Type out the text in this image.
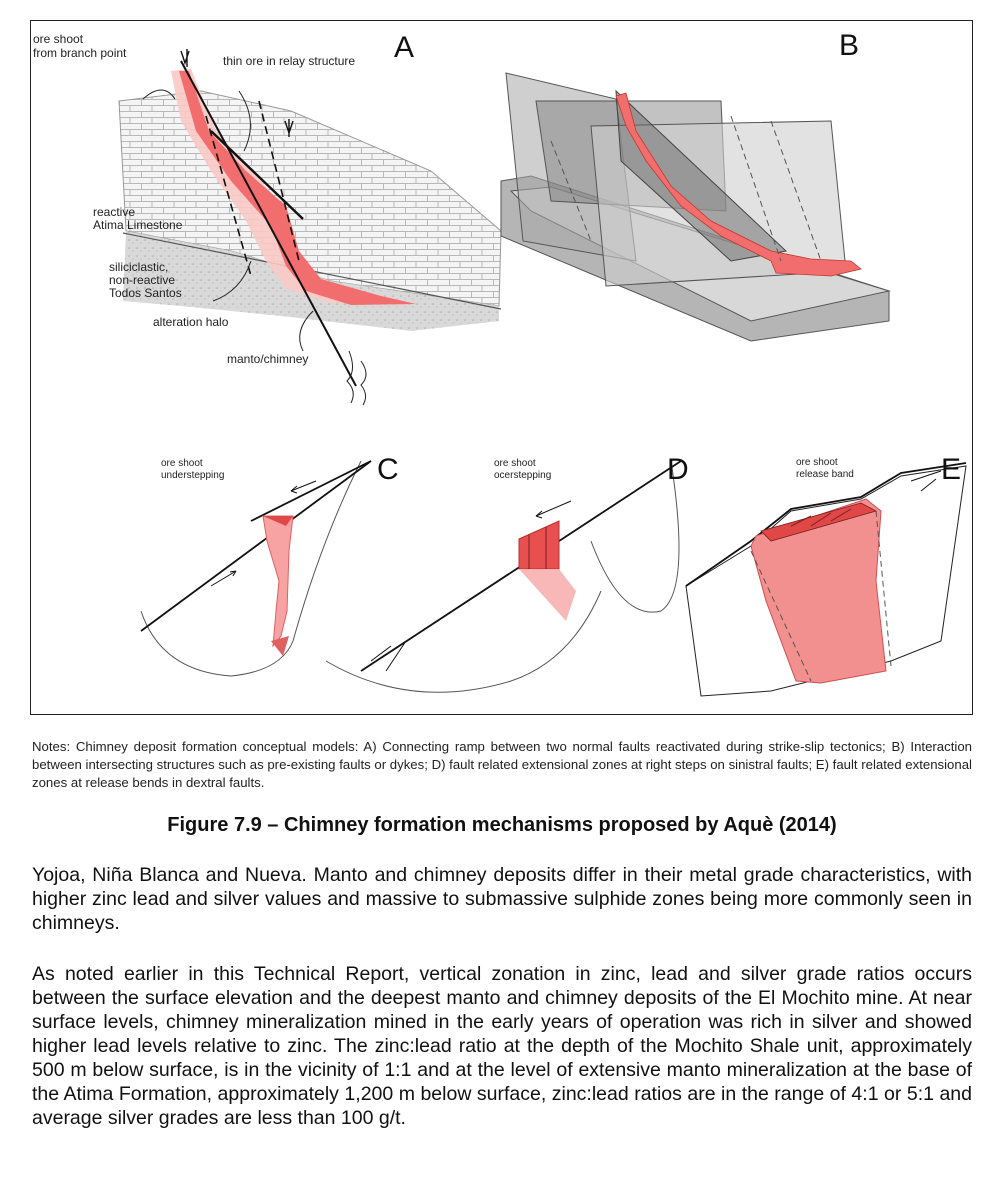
ore shoot
from branch point
thin ore in relay structure
reactive
Atima Limestone
siliciclastic,
non-reactive
Todos Santos
alteration halo
manto/chimney
A	B
ore shoot
understepping	C	ore shoot
ocerstepping	D	ore shoot
release band	E
Notes: Chimney deposit formation conceptual models: A) Connecting ramp between two normal faults reactivated during strike-slip tectonics; B) Interaction between intersecting structures such as pre-existing faults or dykes; D) fault related extensional zones at right steps on sinistral faults; E) fault related extensional zones at release bends in dextral faults.
Figure 7.9 – Chimney formation mechanisms proposed by Aquè (2014)

Yojoa, Niña Blanca and Nueva. Manto and chimney deposits differ in their metal grade characteristics, with higher zinc lead and silver values and massive to submassive sulphide zones being more commonly seen in chimneys.

As noted earlier in this Technical Report, vertical zonation in zinc, lead and silver grade ratios occurs between the surface elevation and the deepest manto and chimney deposits of the El Mochito mine. At near surface levels, chimney mineralization mined in the early years of operation was rich in silver and showed higher lead levels relative to zinc. The zinc:lead ratio at the depth of the Mochito Shale unit, approximately 500 m below surface, is in the vicinity of 1:1 and at the level of extensive manto mineralization at the base of the Atima Formation, approximately 1,200 m below surface, zinc:lead ratios are in the range of 4:1 or 5:1 and average silver grades are less than 100 g/t.
